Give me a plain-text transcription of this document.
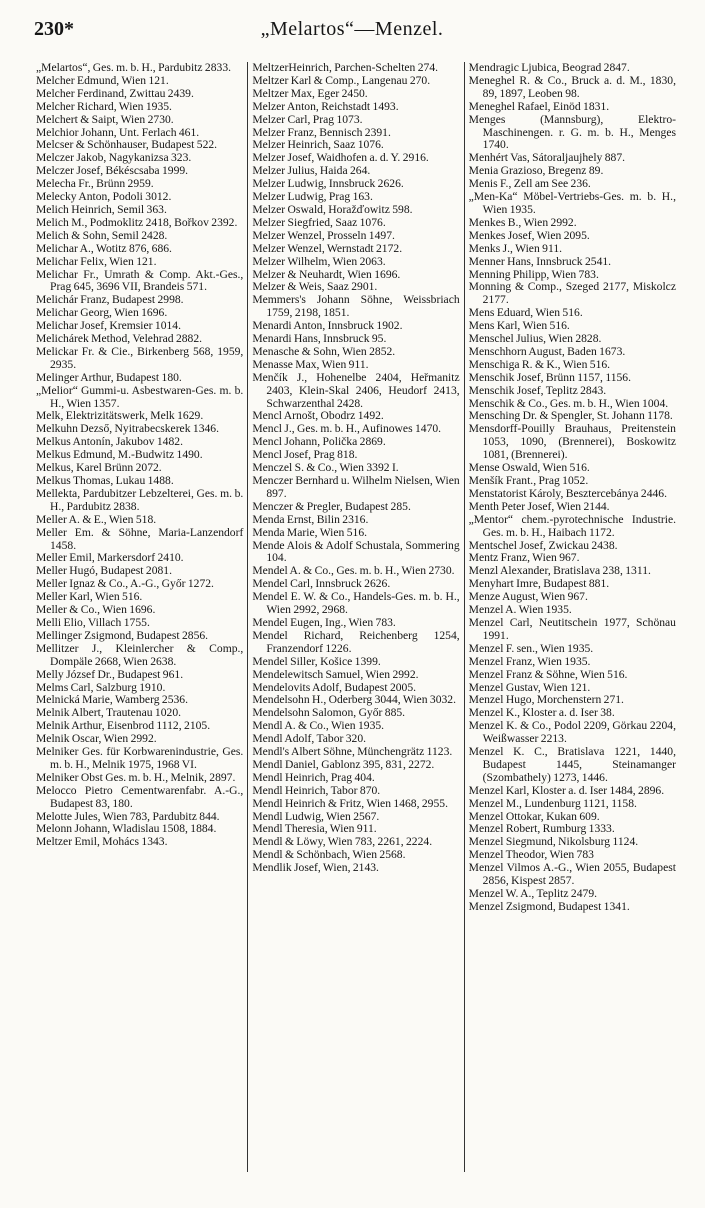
230*	„Melartos“—Menzel.

„Melartos“, Ges. m. b. H., Pardubitz 2833.

Melcher Edmund, Wien 121.

Melcher Ferdinand, Zwittau 2439.

Melcher Richard, Wien 1935.

Melchert & Saipt, Wien 2730.

Melchior Johann, Unt. Ferlach 461.

Melcser & Schönhauser, Budapest 522.

Melczer Jakob, Nagykanizsa 323.

Melczer Josef, Békéscsaba 1999.

Melecha Fr., Brünn 2959.

Melecky Anton, Podoli 3012.

Melich Heinrich, Semil 363.

Melich M., Podmoklitz 2418, Bořkov 2392.

Melich & Sohn, Semil 2428.

Melichar A., Wotitz 876, 686.

Melichar Felix, Wien 121.

Melichar Fr., Umrath & Comp. Akt.-Ges., Prag 645, 3696 VII, Brandeis 571.

Melichár Franz, Budapest 2998.

Melichar Georg, Wien 1696.

Melichar Josef, Kremsier 1014.

Melichárek Method, Velehrad 2882.

Melickar Fr. & Cie., Birkenberg 568, 1959, 2935.

Melinger Arthur, Budapest 180.

„Melior“ Gummi-u. Asbestwaren-Ges. m. b. H., Wien 1357.

Melk, Elektrizitätswerk, Melk 1629.

Melkuhn Dezső, Nyitrabecskerek 1346.

Melkus Antonín, Jakubov 1482.

Melkus Edmund, M.-Budwitz 1490.

Melkus, Karel Brünn 2072.

Melkus Thomas, Lukau 1488.

Mellekta, Pardubitzer Lebzelterei, Ges. m. b. H., Pardubitz 2838.

Meller A. & E., Wien 518.

Meller Em. & Söhne, Maria-Lanzendorf 1458.

Meller Emil, Markersdorf 2410.

Meller Hugó, Budapest 2081.

Meller Ignaz & Co., A.-G., Győr 1272.

Meller Karl, Wien 516.

Meller & Co., Wien 1696.

Melli Elio, Villach 1755.

Mellinger Zsigmond, Budapest 2856.

Mellitzer J., Kleinlercher & Comp., Dompäle 2668, Wien 2638.

Melly József Dr., Budapest 961.

Melms Carl, Salzburg 1910.

Melnická Marie, Wamberg 2536.

Melnik Albert, Trautenau 1020.

Melnik Arthur, Eisenbrod 1112, 2105.

Melnik Oscar, Wien 2992.

Melniker Ges. für Korbwarenindustrie, Ges. m. b. H., Melnik 1975, 1968 VI.

Melniker Obst Ges. m. b. H., Melnik, 2897.

Melocco Pietro Cementwarenfabr. A.-G., Budapest 83, 180.

Melotte Jules, Wien 783, Pardubitz 844.

Melonn Johann, Wladislau 1508, 1884.

Meltzer Emil, Mohács 1343.

MeltzerHeinrich, Parchen-Schelten 274.

Meltzer Karl & Comp., Langenau 270.

Meltzer Max, Eger 2450.

Melzer Anton, Reichstadt 1493.

Melzer Carl, Prag 1073.

Melzer Franz, Bennisch 2391.

Melzer Heinrich, Saaz 1076.

Melzer Josef, Waidhofen a. d. Y. 2916.

Melzer Julius, Haida 264.

Melzer Ludwig, Innsbruck 2626.

Melzer Ludwig, Prag 163.

Melzer Oswald, Horažďowitz 598.

Melzer Siegfried, Saaz 1076.

Melzer Wenzel, Prosseln 1497.

Melzer Wenzel, Wernstadt 2172.

Melzer Wilhelm, Wien 2063.

Melzer & Neuhardt, Wien 1696.

Melzer & Weis, Saaz 2901.

Memmers's Johann Söhne, Weissbriach 1759, 2198, 1851.

Menardi Anton, Innsbruck 1902.

Menardi Hans, Innsbruck 95.

Menasche & Sohn, Wien 2852.

Menasse Max, Wien 911.

Menčík J., Hohenelbe 2404, Heřmanitz 2403, Klein-Skal 2406, Heudorf 2413, Schwarzenthal 2428.

Mencl Arnošt, Obodrz 1492.

Mencl J., Ges. m. b. H., Aufinowes 1470.

Mencl Johann, Polička 2869.

Mencl Josef, Prag 818.

Menczel S. & Co., Wien 3392 I.

Menczer Bernhard u. Wilhelm Nielsen, Wien 897.

Menczer & Pregler, Budapest 285.

Menda Ernst, Bilin 2316.

Menda Marie, Wien 516.

Mende Alois & Adolf Schustala, Sommering 104.

Mendel A. & Co., Ges. m. b. H., Wien 2730.

Mendel Carl, Innsbruck 2626.

Mendel E. W. & Co., Handels-Ges. m. b. H., Wien 2992, 2968.

Mendel Eugen, Ing., Wien 783.

Mendel Richard, Reichenberg 1254, Franzendorf 1226.

Mendel Siller, Košice 1399.

Mendelewitsch Samuel, Wien 2992.

Mendelovits Adolf, Budapest 2005.

Mendelsohn H., Oderberg 3044, Wien 3032.

Mendelsohn Salomon, Győr 885.

Mendl A. & Co., Wien 1935.

Mendl Adolf, Tabor 320.

Mendl's Albert Söhne, Münchengrätz 1123.

Mendl Daniel, Gablonz 395, 831, 2272.

Mendl Heinrich, Prag 404.

Mendl Heinrich, Tabor 870.

Mendl Heinrich & Fritz, Wien 1468, 2955.

Mendl Ludwig, Wien 2567.

Mendl Theresia, Wien 911.

Mendl & Löwy, Wien 783, 2261, 2224.

Mendl & Schönbach, Wien 2568.

Mendlik Josef, Wien, 2143.

Mendragic Ljubica, Beograd 2847.

Meneghel R. & Co., Bruck a. d. M., 1830, 89, 1897, Leoben 98.

Meneghel Rafael, Einöd 1831.

Menges (Mannsburg), Elektro-Maschinengen. r. G. m. b. H., Menges 1740.

Menhért Vas, Sátoraljaujhely 887.

Menia Grazioso, Bregenz 89.

Menis F., Zell am See 236.

„Men-Ka“ Möbel-Vertriebs-Ges. m. b. H., Wien 1935.

Menkes B., Wien 2992.

Menkes Josef, Wien 2095.

Menks J., Wien 911.

Menner Hans, Innsbruck 2541.

Menning Philipp, Wien 783.

Monning & Comp., Szeged 2177, Miskolcz 2177.

Mens Eduard, Wien 516.

Mens Karl, Wien 516.

Menschel Julius, Wien 2828.

Menschhorn August, Baden 1673.

Menschiga R. & K., Wien 516.

Menschik Josef, Brünn 1157, 1156.

Menschik Josef, Teplitz 2843.

Menschik & Co., Ges. m. b. H., Wien 1004.

Mensching Dr. & Spengler, St. Johann 1178.

Mensdorff-Pouilly Brauhaus, Preitenstein 1053, 1090, (Brennerei), Boskowitz 1081, (Brennerei).

Mense Oswald, Wien 516.

Menšík Frant., Prag 1052.

Menstatorist Károly, Besztercebánya 2446.

Menth Peter Josef, Wien 2144.

„Mentor“ chem.-pyrotechnische Industrie. Ges. m. b. H., Haibach 1172.

Mentschel Josef, Zwickau 2438.

Mentz Franz, Wien 967.

Menzl Alexander, Bratislava 238, 1311.

Menyhart Imre, Budapest 881.

Menze August, Wien 967.

Menzel A. Wien 1935.

Menzel Carl, Neutitschein 1977, Schönau 1991.

Menzel F. sen., Wien 1935.

Menzel Franz, Wien 1935.

Menzel Franz & Söhne, Wien 516.

Menzel Gustav, Wien 121.

Menzel Hugo, Morchenstern 271.

Menzel K., Kloster a. d. Iser 38.

Menzel K. & Co., Podol 2209, Görkau 2204, Weißwasser 2213.

Menzel K. C., Bratislava 1221, 1440, Budapest 1445, Steinamanger (Szombathely) 1273, 1446.

Menzel Karl, Kloster a. d. Iser 1484, 2896.

Menzel M., Lundenburg 1121, 1158.

Menzel Ottokar, Kukan 609.

Menzel Robert, Rumburg 1333.

Menzel Siegmund, Nikolsburg 1124.

Menzel Theodor, Wien 783

Menzel Vilmos A.-G., Wien 2055, Budapest 2856, Kispest 2857.

Menzel W. A., Teplitz 2479.

Menzel Zsigmond, Budapest 1341.
